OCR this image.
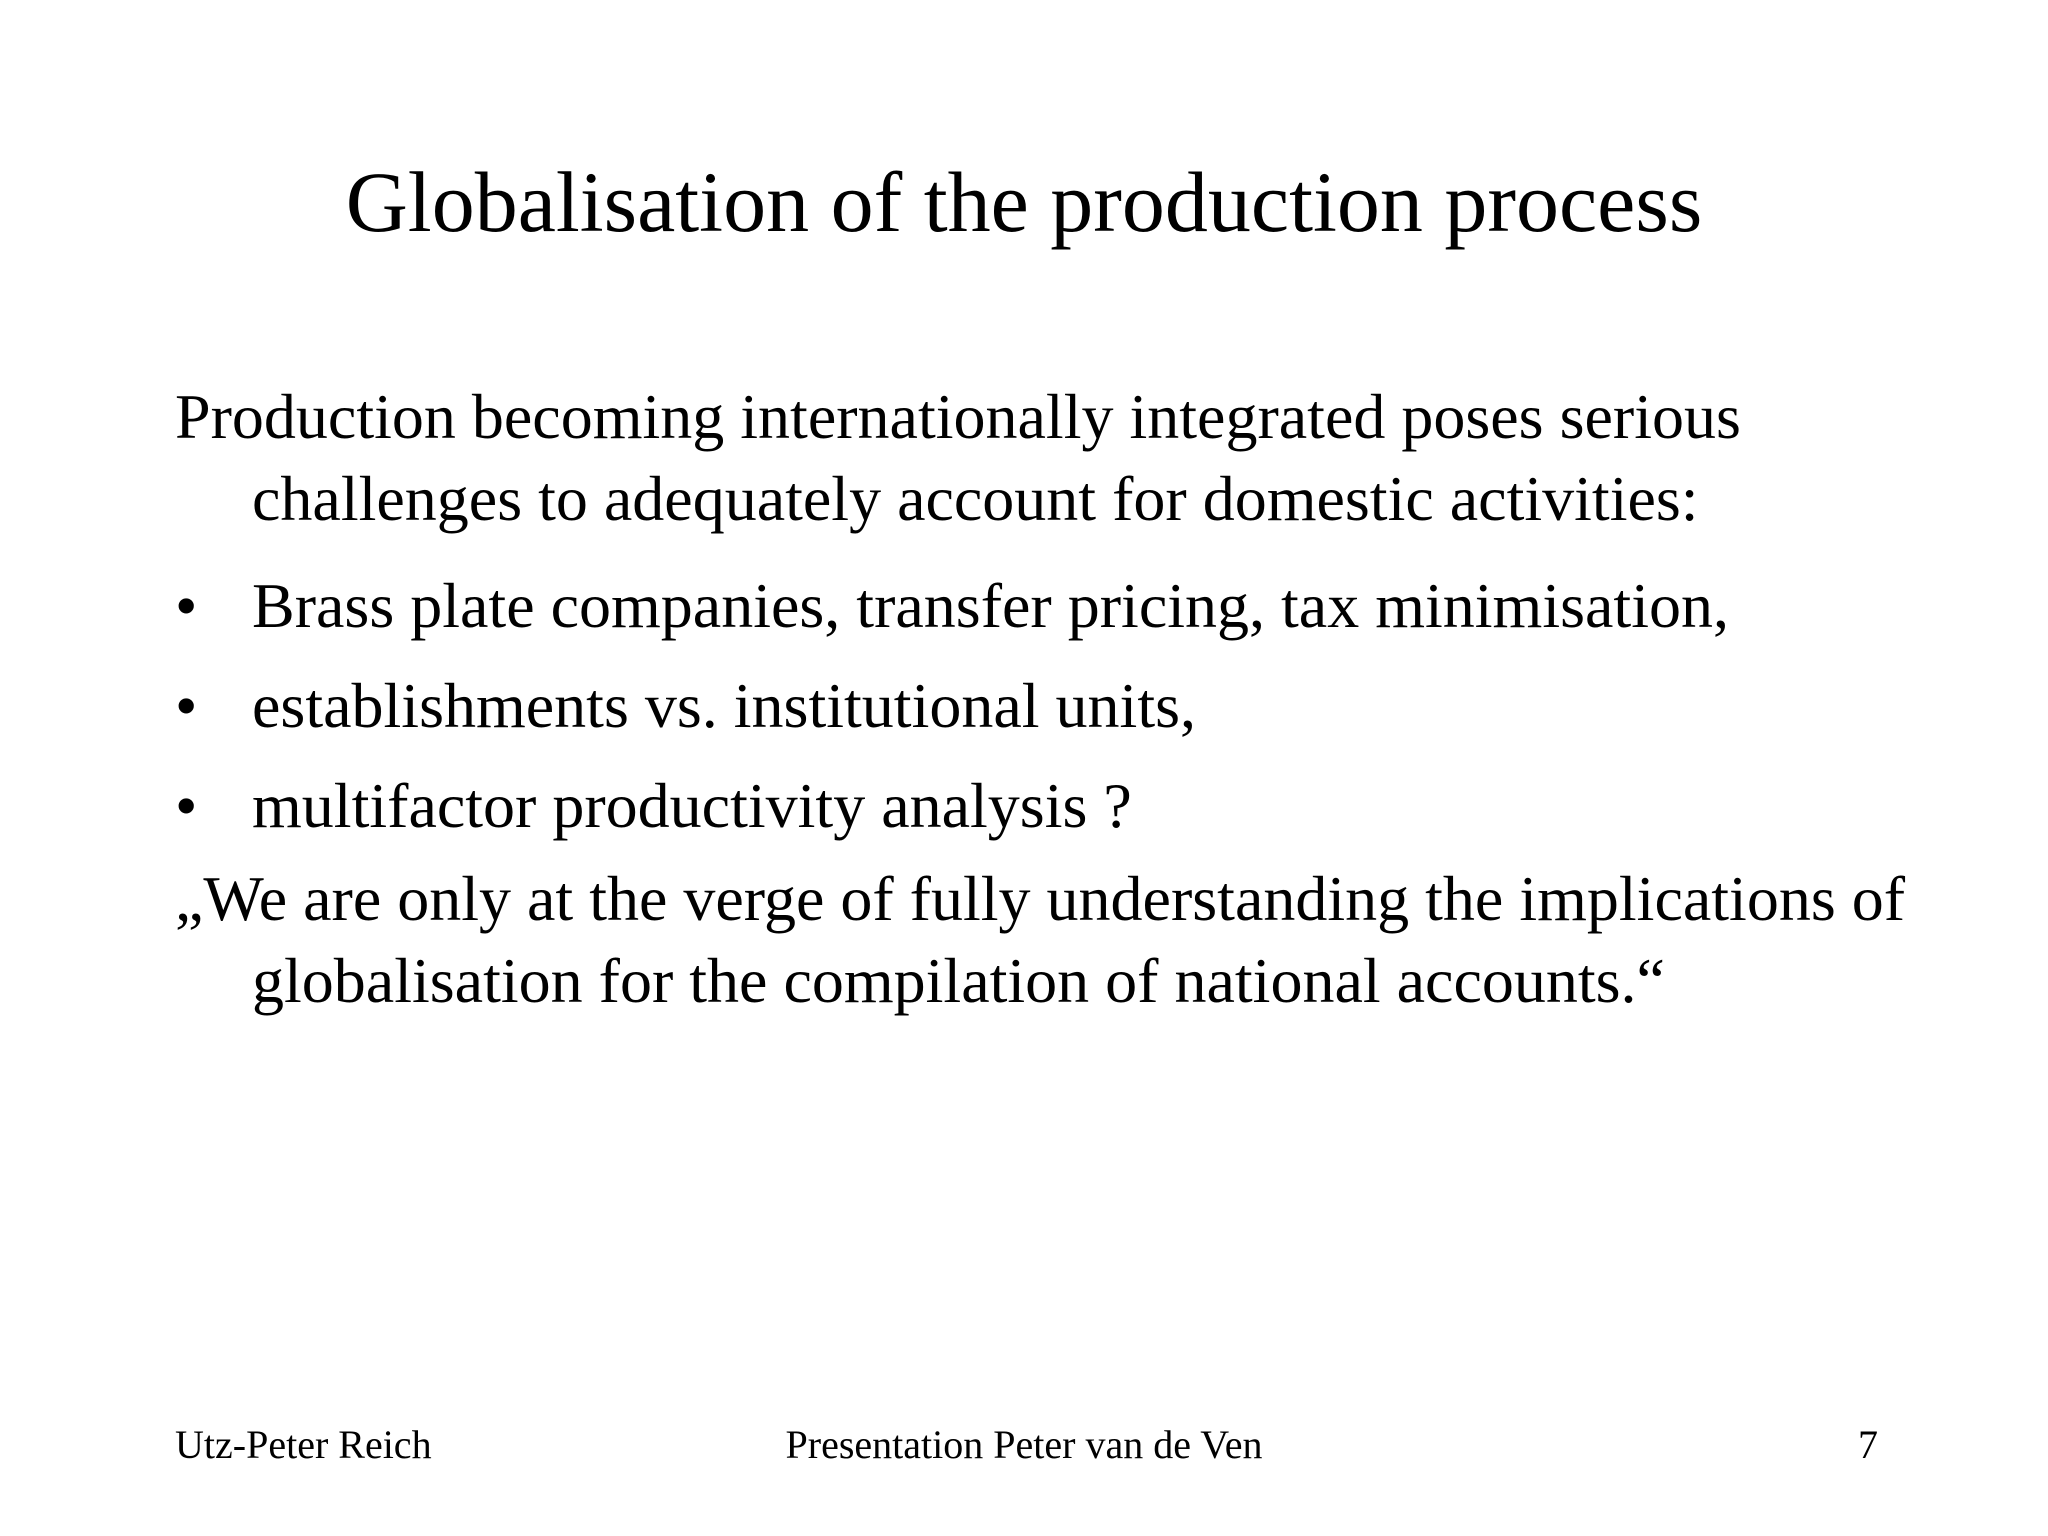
Globalisation of the production process
Production becoming internationally integrated poses serious challenges to adequately account for domestic activities:
• Brass plate companies, transfer pricing, tax minimisation,
• establishments vs. institutional units,
• multifactor productivity analysis ?
„We are only at the verge of fully understanding the implications of globalisation for the compilation of national accounts.“
Utz-Peter Reich	Presentation Peter van de Ven	7
